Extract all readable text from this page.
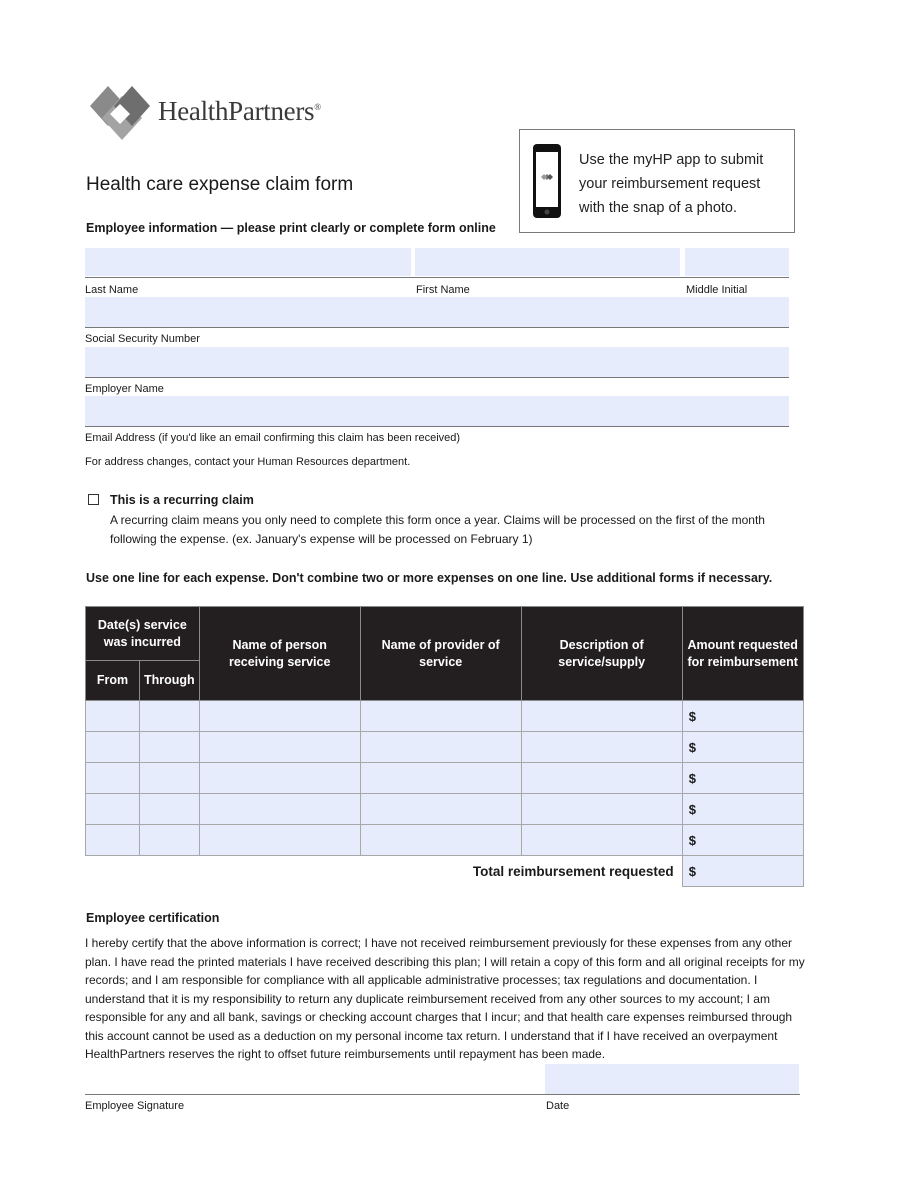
HealthPartners®
Health care expense claim form
Use the myHP app to submit your reimbursement request with the snap of a photo.
Employee information — please print clearly or complete form online
Last Name	First Name	Middle Initial
Social Security Number
Employer Name
Email Address (if you'd like an email confirming this claim has been received)
For address changes, contact your Human Resources department.
This is a recurring claim
A recurring claim means you only need to complete this form once a year. Claims will be processed on the first of the month following the expense. (ex. January's expense will be processed on February 1)
Use one line for each expense. Don't combine two or more expenses on one line. Use additional forms if necessary.
Date(s) service was incurred		Name of person receiving service	Name of provider of service	Description of service/supply	Amount requested for reimbursement
From	Through				
					$
					$
					$
					$
					$
Total reimbursement requested					$
Employee certification
I hereby certify that the above information is correct; I have not received reimbursement previously for these expenses from any other plan. I have read the printed materials I have received describing this plan; I will retain a copy of this form and all original receipts for my records; and I am responsible for compliance with all applicable administrative processes; tax regulations and documentation. I understand that it is my responsibility to return any duplicate reimbursement received from any other sources to my account; I am responsible for any and all bank, savings or checking account charges that I incur; and that health care expenses reimbursed through this account cannot be used as a deduction on my personal income tax return. I understand that if I have received an overpayment HealthPartners reserves the right to offset future reimbursements until repayment has been made.
Employee Signature	Date
